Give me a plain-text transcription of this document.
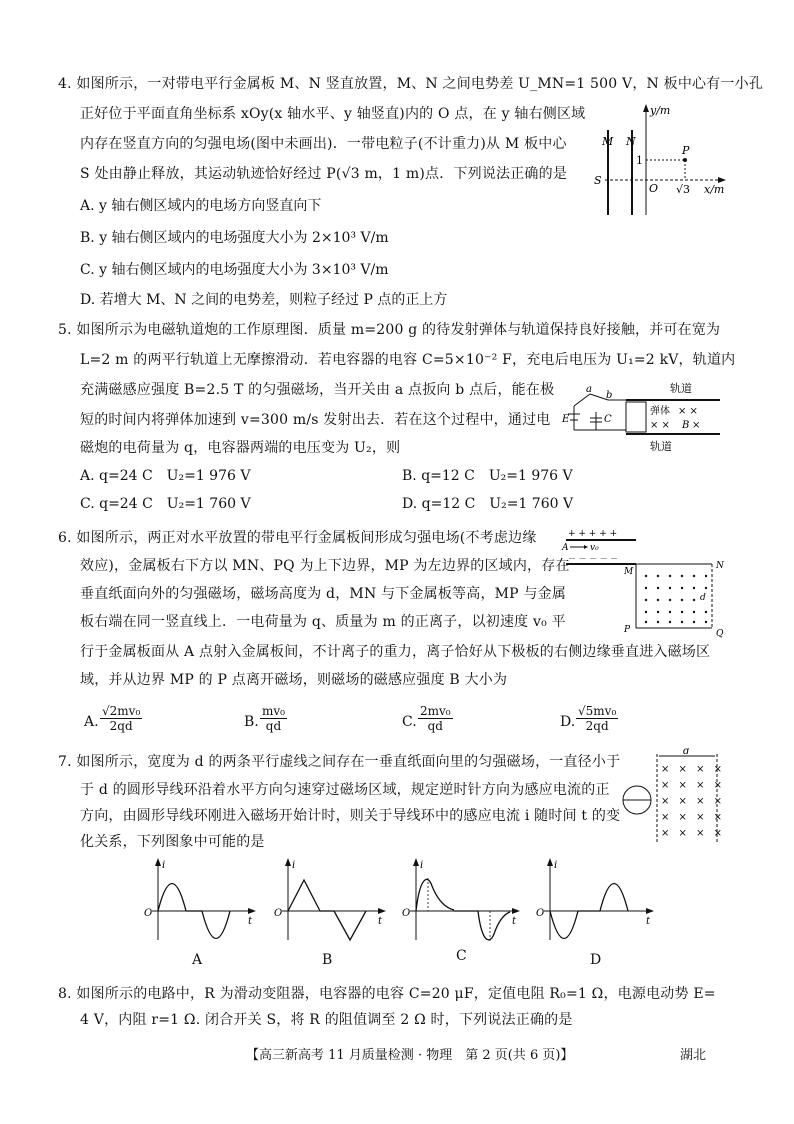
4. 如图所示，一对带电平行金属板 M、N 竖直放置，M、N 之间电势差 U_MN=1 500 V，N 板中心有一小孔
正好位于平面直角坐标系 xOy(x 轴水平、y 轴竖直)内的 O 点，在 y 轴右侧区域
内存在竖直方向的匀强电场(图中未画出)．一带电粒子(不计重力)从 M 板中心
S 处由静止释放，其运动轨迹恰好经过 P(√3 m，1 m)点．下列说法正确的是
A. y 轴右侧区域内的电场方向竖直向下
B. y 轴右侧区域内的电场强度大小为 2×10³ V/m
C. y 轴右侧区域内的电场强度大小为 3×10³ V/m
D. 若增大 M、N 之间的电势差，则粒子经过 P 点的正上方
M N
y/m
x/m
S
O
P
1
√3
5. 如图所示为电磁轨道炮的工作原理图．质量 m=200 g 的待发射弹体与轨道保持良好接触，并可在宽为
L=2 m 的两平行轨道上无摩擦滑动．若电容器的电容 C=5×10⁻² F，充电后电压为 U₁=2 kV，轨道内
充满磁感应强度 B=2.5 T 的匀强磁场，当开关由 a 点扳向 b 点后，能在极
短的时间内将弹体加速到 v=300 m/s 发射出去．若在这个过程中，通过电
磁炮的电荷量为 q，电容器两端的电压变为 U₂，则
A. q=24 C　U₂=1 976 V	B. q=12 C　U₂=1 976 V
C. q=24 C　U₂=1 760 V	D. q=12 C　U₂=1 760 V
轨道
轨道
弹体 × ×
× × B ×
E
a
b
C
6. 如图所示，两正对水平放置的带电平行金属板间形成匀强电场(不考虑边缘
效应)，金属板右下方以 MN、PQ 为上下边界，MP 为左边界的区域内，存在
垂直纸面向外的匀强磁场，磁场高度为 d，MN 与下金属板等高，MP 与金属
板右端在同一竖直线上．一电荷量为 q、质量为 m 的正离子，以初速度 v₀ 平
行于金属板面从 A 点射入金属板间，不计离子的重力，离子恰好从下极板的右侧边缘垂直进入磁场区
域，并从边界 MP 的 P 点离开磁场，则磁场的磁感应强度 B 大小为
A. $\frac{\text{√2mv₀}}{2qd}$	B. $\frac{\text{mv₀}}{qd}$	C. $\frac{\text{2mv₀}}{qd}$	D. $\frac{\text{√5mv₀}}{2qd}$
+ + + + +
A v₀
－ － － － －
M
N
P	Q
d
7. 如图所示，宽度为 d 的两条平行虚线之间存在一垂直纸面向里的匀强磁场，一直径小于
于 d 的圆形导线环沿着水平方向匀速穿过磁场区域，规定逆时针方向为感应电流的正
方向，由圆形导线环刚进入磁场开始计时，则关于导线环中的感应电流 i 随时间 t 的变
化关系，下列图象中可能的是
d
× × × ×
× × × ×
× × × ×
× × × ×
× × × ×
i
t
O
A
i
t
O
B
i
t
O
C
i
t
O
D
8. 如图所示的电路中，R 为滑动变阻器，电容器的电容 C=20 μF，定值电阻 R₀=1 Ω，电源电动势 E=
4 V，内阻 r=1 Ω. 闭合开关 S，将 R 的阻值调至 2 Ω 时，下列说法正确的是
【高三新高考 11 月质量检测 · 物理　第 2 页(共 6 页)】	湖北
